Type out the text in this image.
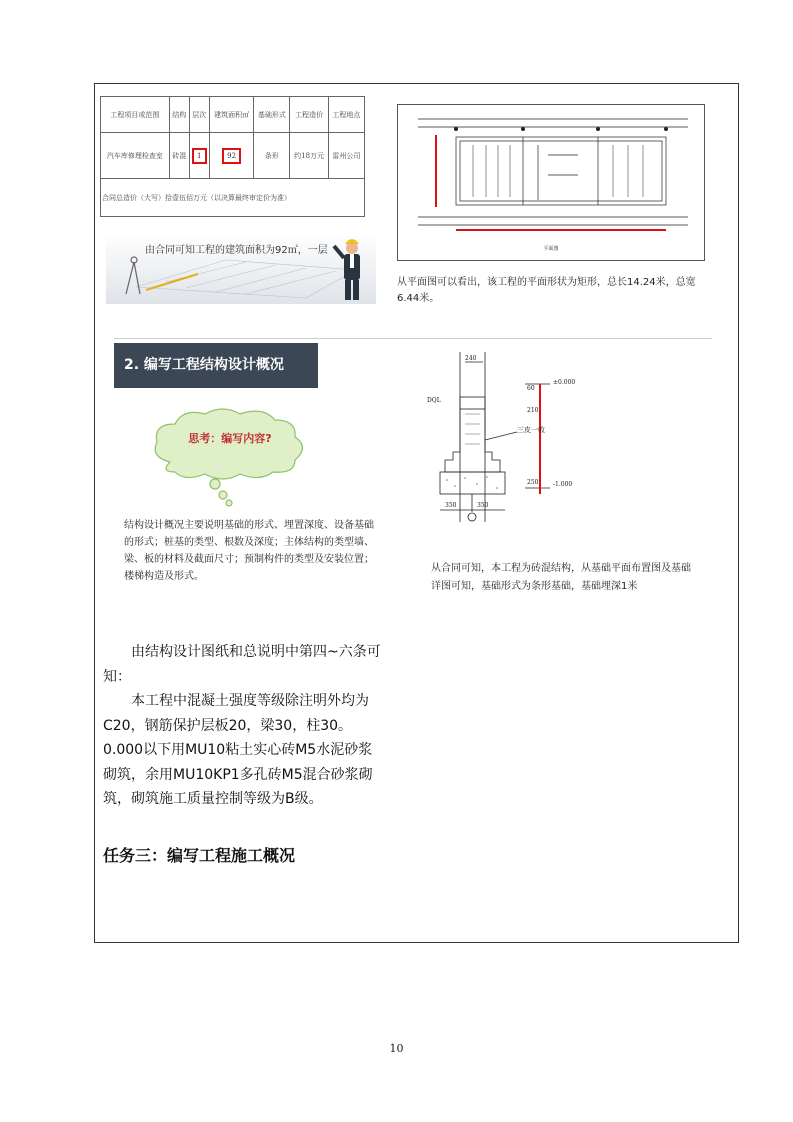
工程项目或范围	结构	层次	建筑面积㎡	基础形式	工程造价	工程地点
汽车库修理检查室	砖混	1	92	条形	约18万元	雷州公司
合同总造价（大写）拾壹伍佰万元（以决算最终审定价为准）						
由合同可知工程的建筑面积为92㎡，一层	平面图
从平面图可以看出，该工程的平面形状为矩形，总长14.24米，总宽6.44米。
2. 编写工程结构设计概况
思考：编写内容?
结构设计概况主要说明基础的形式、埋置深度、设备基础的形式；桩基的类型、根数及深度；主体结构的类型墙、梁、板的材料及截面尺寸；预制构件的类型及安装位置；楼梯构造及形式。
240
60
210
250
350	350
±0.000
-1.000
DQL
三皮一收
从合同可知，本工程为砖混结构，从基础平面布置图及基础详图可知，基础形式为条形基础，基础埋深1米

由结构设计图纸和总说明中第四~六条可知：

本工程中混凝土强度等级除注明外均为C20，钢筋保护层板20，梁30，柱30。0.000以下用MU10粘土实心砖M5水泥砂浆砌筑，余用MU10KP1多孔砖M5混合砂浆砌筑，砌筑施工质量控制等级为B级。

任务三：编写工程施工概况
10
